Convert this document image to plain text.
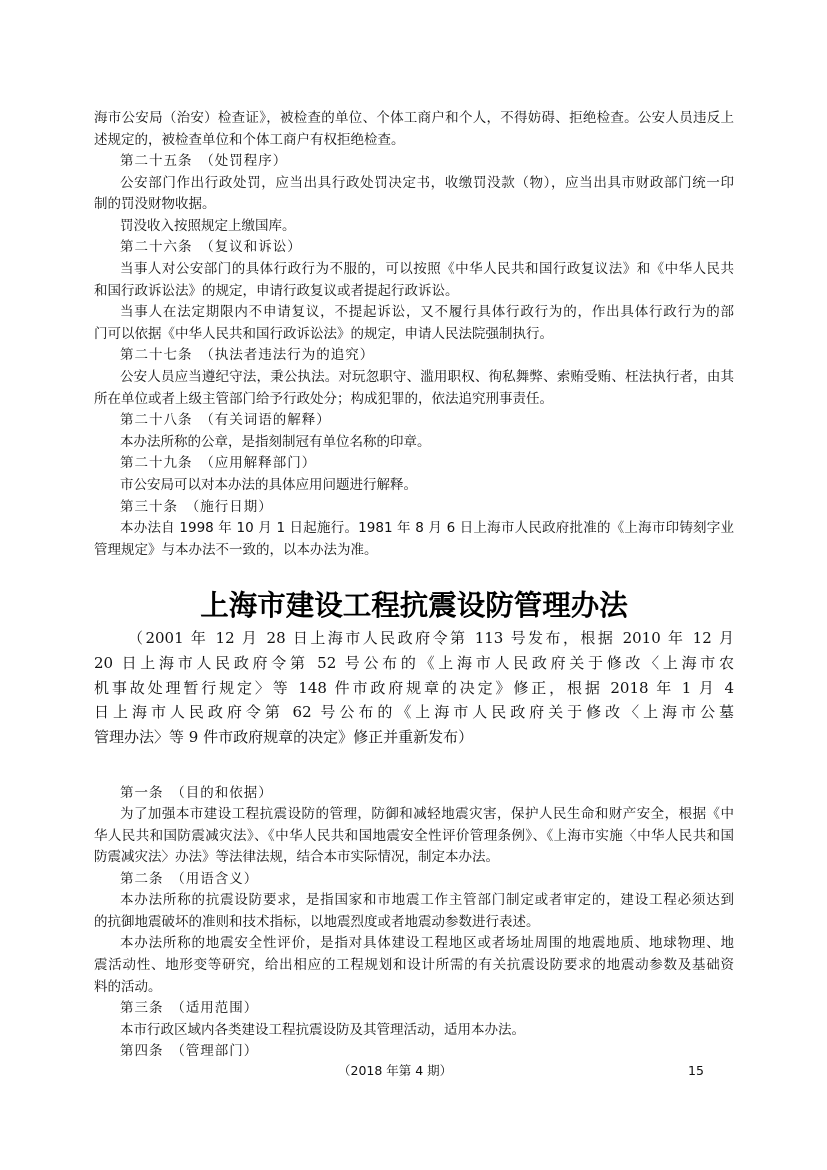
海市公安局（治安）检查证》，被检查的单位、个体工商户和个人，不得妨碍、拒绝检查。公安人员违反上
述规定的，被检查单位和个体工商户有权拒绝检查。
第二十五条　（处罚程序）
公安部门作出行政处罚，应当出具行政处罚决定书，收缴罚没款（物），应当出具市财政部门统一印
制的罚没财物收据。
罚没收入按照规定上缴国库。
第二十六条　（复议和诉讼）
当事人对公安部门的具体行政行为不服的，可以按照《中华人民共和国行政复议法》和《中华人民共
和国行政诉讼法》的规定，申请行政复议或者提起行政诉讼。
当事人在法定期限内不申请复议，不提起诉讼，又不履行具体行政行为的，作出具体行政行为的部
门可以依据《中华人民共和国行政诉讼法》的规定，申请人民法院强制执行。
第二十七条　（执法者违法行为的追究）
公安人员应当遵纪守法，秉公执法。对玩忽职守、滥用职权、徇私舞弊、索贿受贿、枉法执行者，由其
所在单位或者上级主管部门给予行政处分；构成犯罪的，依法追究刑事责任。
第二十八条　（有关词语的解释）
本办法所称的公章，是指刻制冠有单位名称的印章。
第二十九条　（应用解释部门）
市公安局可以对本办法的具体应用问题进行解释。
第三十条　（施行日期）
本办法自 1998 年 10 月 1 日起施行。1981 年 8 月 6 日上海市人民政府批准的《上海市印铸刻字业
管理规定》与本办法不一致的，以本办法为准。
上海市建设工程抗震设防管理办法
（2001 年 12 月 28 日上海市人民政府令第 113 号发布，根据 2010 年 12 月
20 日上海市人民政府令第 52 号公布的《上海市人民政府关于修改〈上海市农
机事故处理暂行规定〉等 148 件市政府规章的决定》修正，根据 2018 年 1 月 4
日上海市人民政府令第 62 号公布的《上海市人民政府关于修改〈上海市公墓
管理办法〉等 9 件市政府规章的决定》修正并重新发布）
第一条　（目的和依据）
为了加强本市建设工程抗震设防的管理，防御和减轻地震灾害，保护人民生命和财产安全，根据《中
华人民共和国防震减灾法》、《中华人民共和国地震安全性评价管理条例》、《上海市实施〈中华人民共和国
防震减灾法〉办法》等法律法规，结合本市实际情况，制定本办法。
第二条　（用语含义）
本办法所称的抗震设防要求，是指国家和市地震工作主管部门制定或者审定的，建设工程必须达到
的抗御地震破坏的准则和技术指标，以地震烈度或者地震动参数进行表述。
本办法所称的地震安全性评价，是指对具体建设工程地区或者场址周围的地震地质、地球物理、地
震活动性、地形变等研究，给出相应的工程规划和设计所需的有关抗震设防要求的地震动参数及基础资
料的活动。
第三条　（适用范围）
本市行政区域内各类建设工程抗震设防及其管理活动，适用本办法。
第四条　（管理部门）
（2018 年第 4 期）	15
